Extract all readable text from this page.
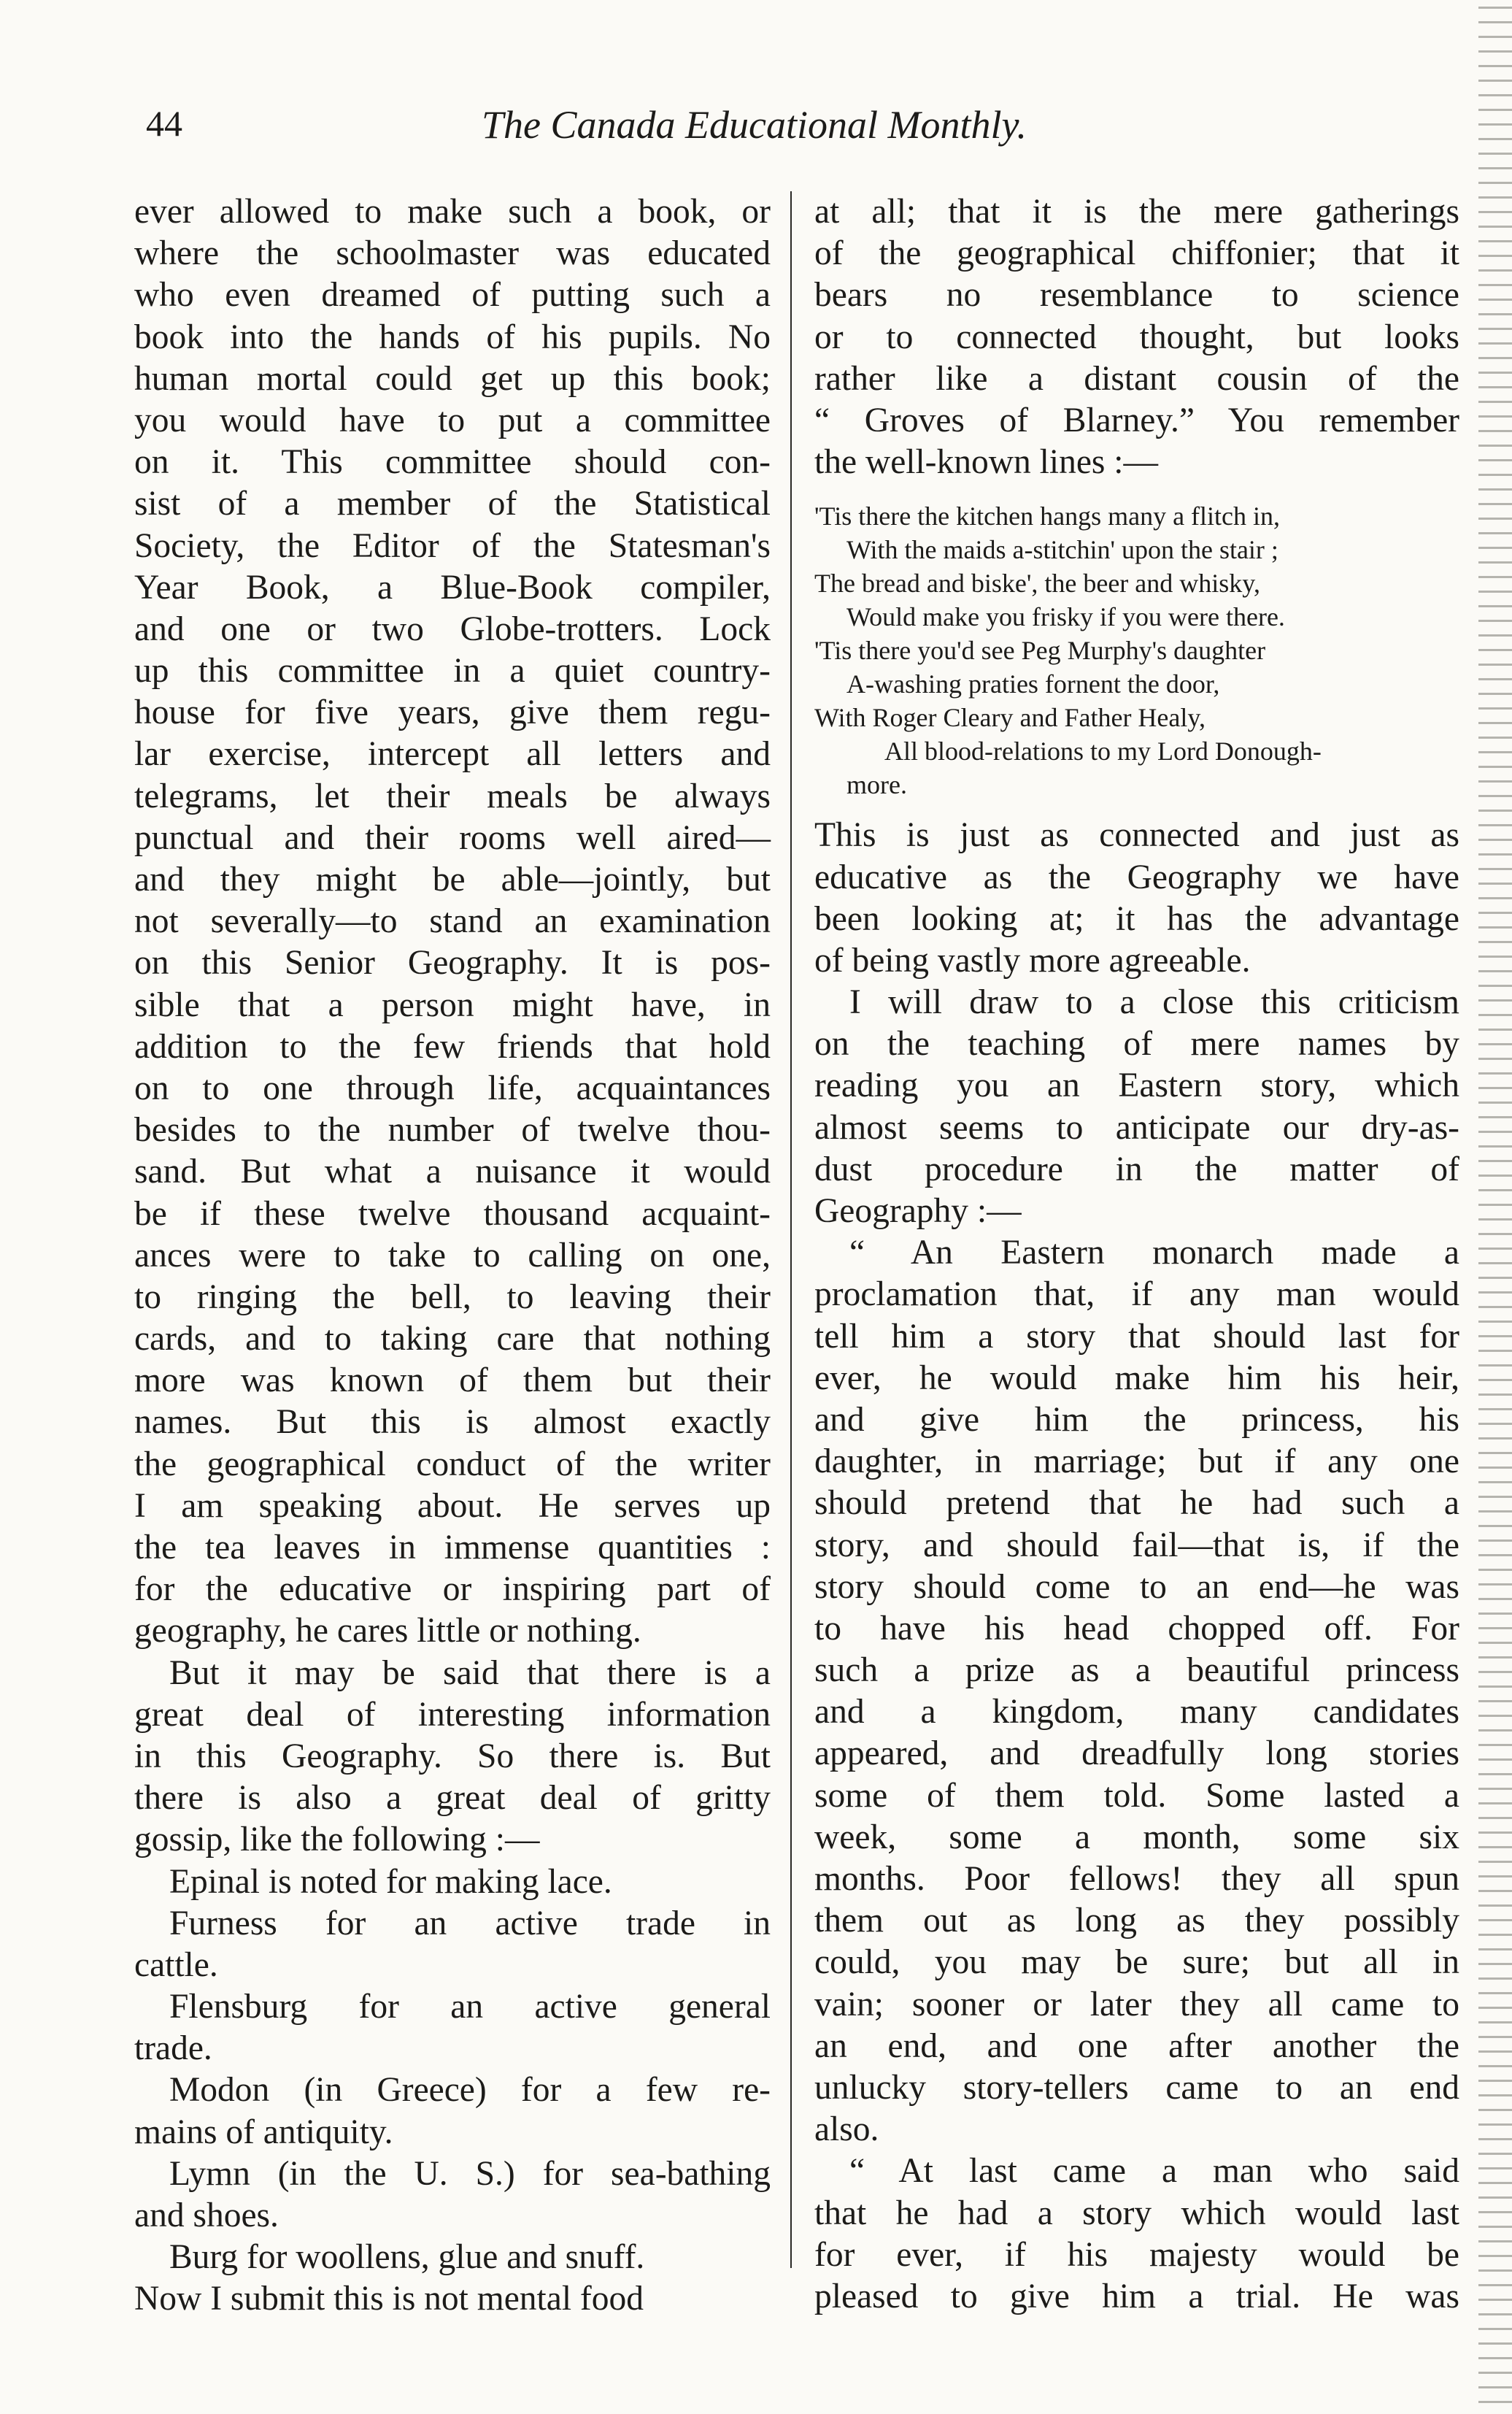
44	The Canada Educational Monthly.
ever allowed to make such a book, or
where the schoolmaster was educated
who even dreamed of putting such a
book into the hands of his pupils. No
human mortal could get up this book;
you would have to put a committee
on it. This committee should con-
sist of a member of the Statistical
Society, the Editor of the Statesman's
Year Book, a Blue-Book compiler,
and one or two Globe-trotters. Lock
up this committee in a quiet country-
house for five years, give them regu-
lar exercise, intercept all letters and
telegrams, let their meals be always
punctual and their rooms well aired—
and they might be able—jointly, but
not severally—to stand an examination
on this Senior Geography. It is pos-
sible that a person might have, in
addition to the few friends that hold
on to one through life, acquaintances
besides to the number of twelve thou-
sand. But what a nuisance it would
be if these twelve thousand acquaint-
ances were to take to calling on one,
to ringing the bell, to leaving their
cards, and to taking care that nothing
more was known of them but their
names. But this is almost exactly
the geographical conduct of the writer
I am speaking about. He serves up
the tea leaves in immense quantities :
for the educative or inspiring part of
geography, he cares little or nothing.
But it may be said that there is a
great deal of interesting information
in this Geography. So there is. But
there is also a great deal of gritty
gossip, like the following :—
Epinal is noted for making lace.
Furness for an active trade in
cattle.
Flensburg for an active general
trade.
Modon (in Greece) for a few re-
mains of antiquity.
Lymn (in the U. S.) for sea-bathing
and shoes.
Burg for woollens, glue and snuff.
Now I submit this is not mental food
at all; that it is the mere gatherings
of the geographical chiffonier; that it
bears no resemblance to science
or to connected thought, but looks
rather like a distant cousin of the
“ Groves of Blarney.” You remember
the well-known lines :—
'Tis there the kitchen hangs many a flitch in,
With the maids a-stitchin' upon the stair ;
The bread and biske', the beer and whisky,
Would make you frisky if you were there.
'Tis there you'd see Peg Murphy's daughter
A-washing praties fornent the door,
With Roger Cleary and Father Healy,
All blood-relations to my Lord Donough-
more.
This is just as connected and just as
educative as the Geography we have
been looking at; it has the advantage
of being vastly more agreeable.
I will draw to a close this criticism
on the teaching of mere names by
reading you an Eastern story, which
almost seems to anticipate our dry-as-
dust procedure in the matter of
Geography :—
“ An Eastern monarch made a
proclamation that, if any man would
tell him a story that should last for
ever, he would make him his heir,
and give him the princess, his
daughter, in marriage; but if any one
should pretend that he had such a
story, and should fail—that is, if the
story should come to an end—he was
to have his head chopped off. For
such a prize as a beautiful princess
and a kingdom, many candidates
appeared, and dreadfully long stories
some of them told. Some lasted a
week, some a month, some six
months. Poor fellows! they all spun
them out as long as they possibly
could, you may be sure; but all in
vain; sooner or later they all came to
an end, and one after another the
unlucky story-tellers came to an end
also.
“ At last came a man who said
that he had a story which would last
for ever, if his majesty would be
pleased to give him a trial. He was
